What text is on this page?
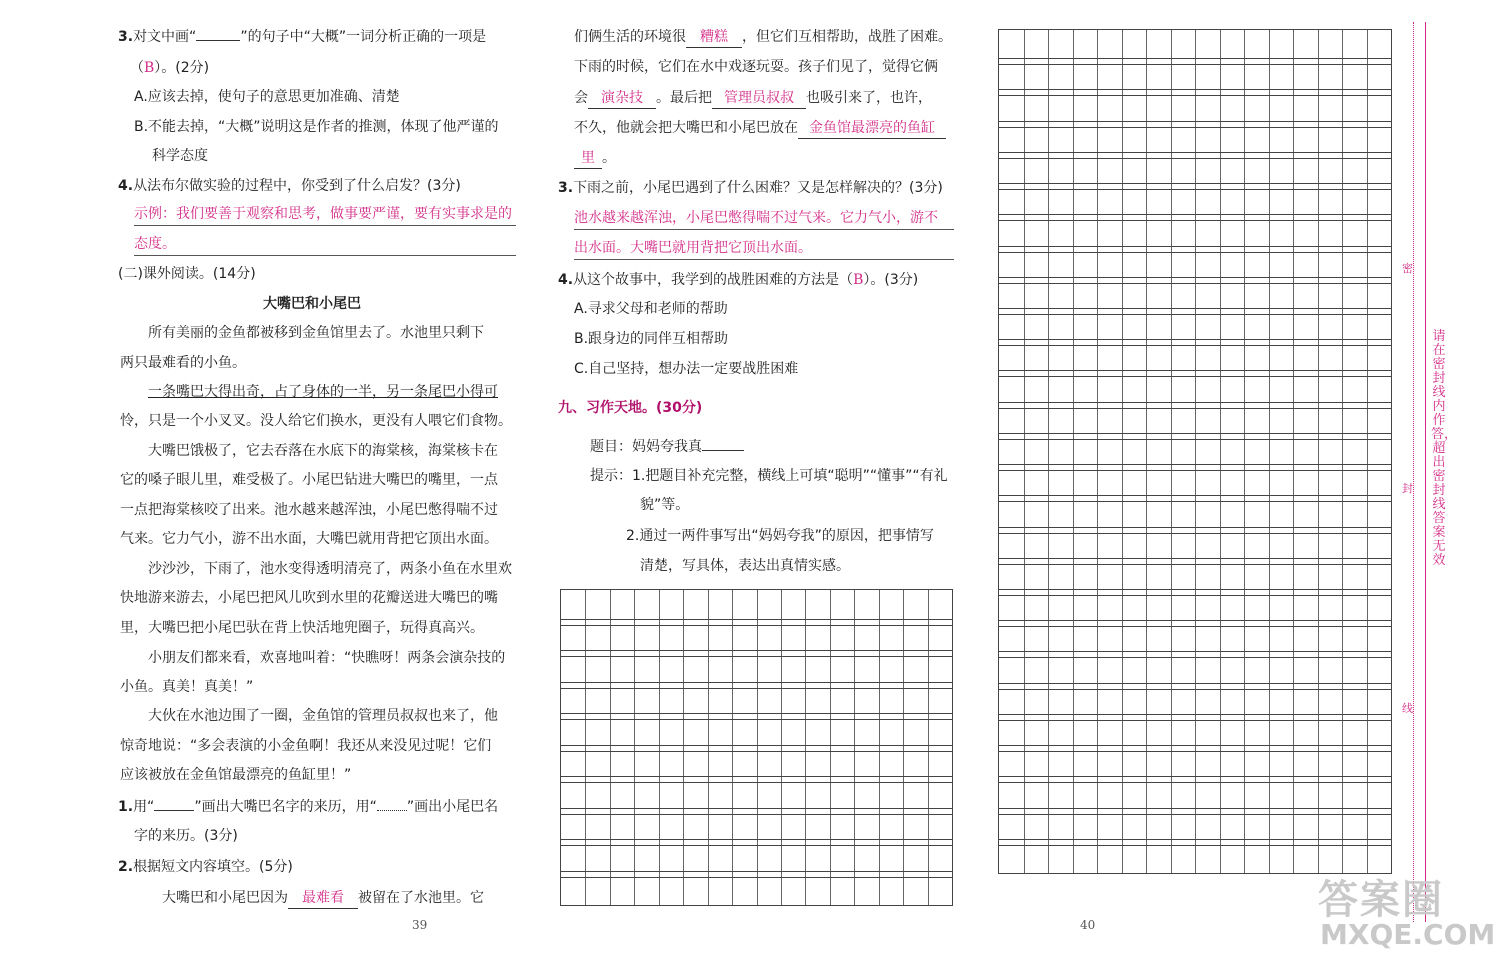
3.对文中画“	”的句子中“大概”一词分析正确的一项是
（B）。(2分)
A.应该去掉，使句子的意思更加准确、清楚
B.不能去掉，“大概”说明这是作者的推测，体现了他严谨的
科学态度
4.从法布尔做实验的过程中，你受到了什么启发？(3分)
示例：我们要善于观察和思考，做事要严谨，要有实事求是的
态度。
(二)课外阅读。(14分)
大嘴巴和小尾巴
所有美丽的金鱼都被移到金鱼馆里去了。水池里只剩下
两只最难看的小鱼。
一条嘴巴大得出奇，占了身体的一半，另一条尾巴小得可
怜，只是一个小叉叉。没人给它们换水，更没有人喂它们食物。
大嘴巴饿极了，它去吞落在水底下的海棠核，海棠核卡在
它的嗓子眼儿里，难受极了。小尾巴钻进大嘴巴的嘴里，一点
一点把海棠核咬了出来。池水越来越浑浊，小尾巴憋得喘不过
气来。它力气小，游不出水面，大嘴巴就用背把它顶出水面。
沙沙沙，下雨了，池水变得透明清亮了，两条小鱼在水里欢
快地游来游去，小尾巴把风儿吹到水里的花瓣送进大嘴巴的嘴
里，大嘴巴把小尾巴驮在背上快活地兜圈子，玩得真高兴。
小朋友们都来看，欢喜地叫着：“快瞧呀！两条会演杂技的
小鱼。真美！真美！”
大伙在水池边围了一圈，金鱼馆的管理员叔叔也来了，他
惊奇地说：“多会表演的小金鱼啊！我还从来没见过呢！它们
应该被放在金鱼馆最漂亮的鱼缸里！”
1.用“	”画出大嘴巴名字的来历，用“ ”画出小尾巴名
字的来历。(3分)
2.根据短文内容填空。(5分)
大嘴巴和小尾巴因为 最难看 被留在了水池里。它
39
们俩生活的环境很 糟糕 ，但它们互相帮助，战胜了困难。
下雨的时候，它们在水中戏逐玩耍。孩子们见了，觉得它俩
会 演杂技 。最后把 管理员叔叔 也吸引来了，也许，
不久，他就会把大嘴巴和小尾巴放在 金鱼馆最漂亮的鱼缸
里 。
3.下雨之前，小尾巴遇到了什么困难？又是怎样解决的？(3分)
池水越来越浑浊，小尾巴憋得喘不过气来。它力气小，游不
出水面。大嘴巴就用背把它顶出水面。
4.从这个故事中，我学到的战胜困难的方法是（B）。(3分)
A.寻求父母和老师的帮助
B.跟身边的同伴互相帮助
C.自己坚持，想办法一定要战胜困难
九、习作天地。(30分)
题目：妈妈夸我真
提示：1.把题目补充完整，横线上可填“聪明”“懂事”“有礼
貌”等。
2.通过一两件事写出“妈妈夸我”的原因，把事情写
清楚，写具体，表达出真情实感。
40
密
封
线
请在密封线内作答，超出密封线答案无效
答案圈
MXQE.COM
